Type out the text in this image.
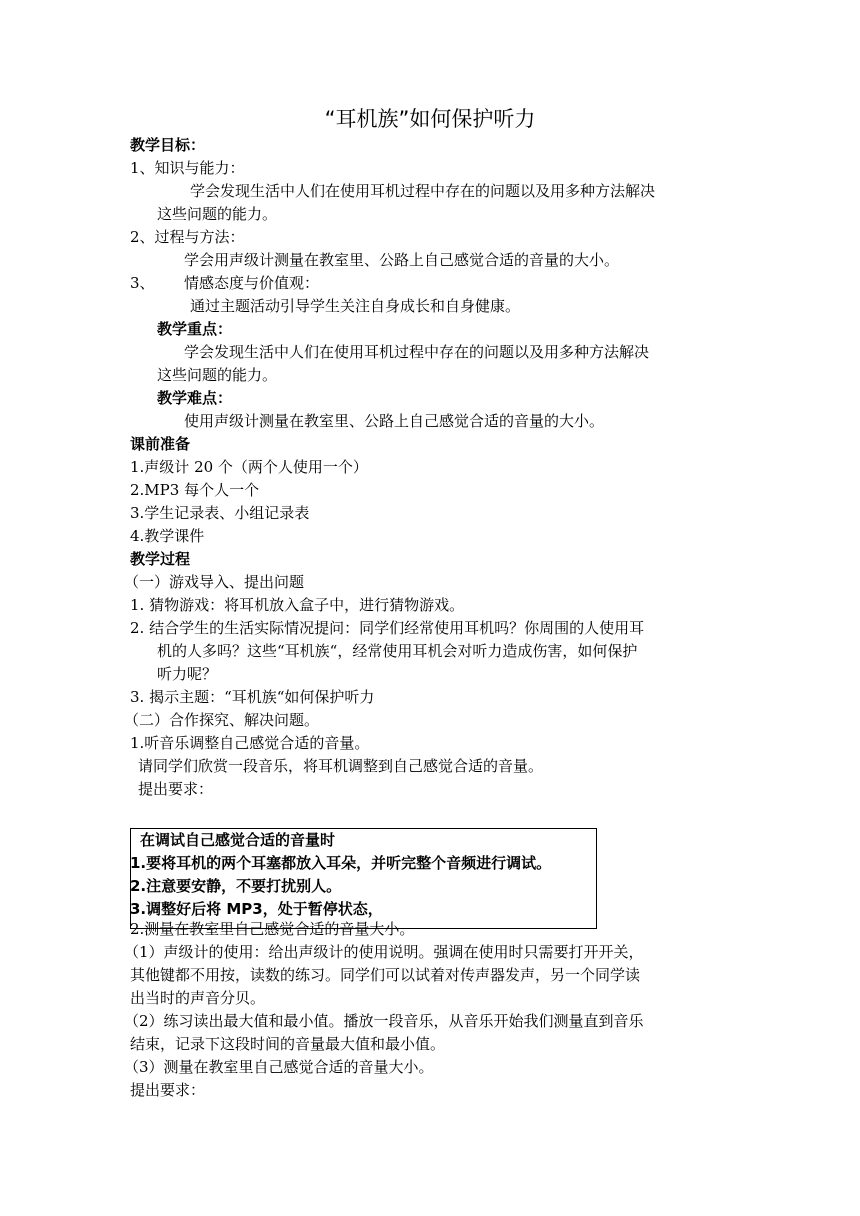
“耳机族”如何保护听力
教学目标：
1、知识与能力：
学会发现生活中人们在使用耳机过程中存在的问题以及用多种方法解决
这些问题的能力。
2、过程与方法：
学会用声级计测量在教室里、公路上自己感觉合适的音量的大小。
3、 情感态度与价值观：
通过主题活动引导学生关注自身成长和自身健康。
教学重点：
学会发现生活中人们在使用耳机过程中存在的问题以及用多种方法解决
这些问题的能力。
教学难点：
使用声级计测量在教室里、公路上自己感觉合适的音量的大小。
课前准备
1.声级计 20 个（两个人使用一个）
2.MP3 每个人一个
3.学生记录表、小组记录表
4.教学课件
教学过程
（一）游戏导入、提出问题
1. 猜物游戏：将耳机放入盒子中，进行猜物游戏。
2. 结合学生的生活实际情况提问：同学们经常使用耳机吗？你周围的人使用耳
机的人多吗？这些“耳机族“，经常使用耳机会对听力造成伤害，如何保护
听力呢？
3. 揭示主题：“耳机族“如何保护听力
（二）合作探究、解决问题。
1.听音乐调整自己感觉合适的音量。
请同学们欣赏一段音乐，将耳机调整到自己感觉合适的音量。
提出要求：
在调试自己感觉合适的音量时
1.要将耳机的两个耳塞都放入耳朵，并听完整个音频进行调试。
2.注意要安静，不要打扰别人。
3.调整好后将 MP3，处于暂停状态，
2.测量在教室里自己感觉合适的音量大小。
（1）声级计的使用：给出声级计的使用说明。强调在使用时只需要打开开关，
其他键都不用按，读数的练习。同学们可以试着对传声器发声，另一个同学读
出当时的声音分贝。
（2）练习读出最大值和最小值。播放一段音乐，从音乐开始我们测量直到音乐
结束，记录下这段时间的音量最大值和最小值。
（3）测量在教室里自己感觉合适的音量大小。
提出要求：
